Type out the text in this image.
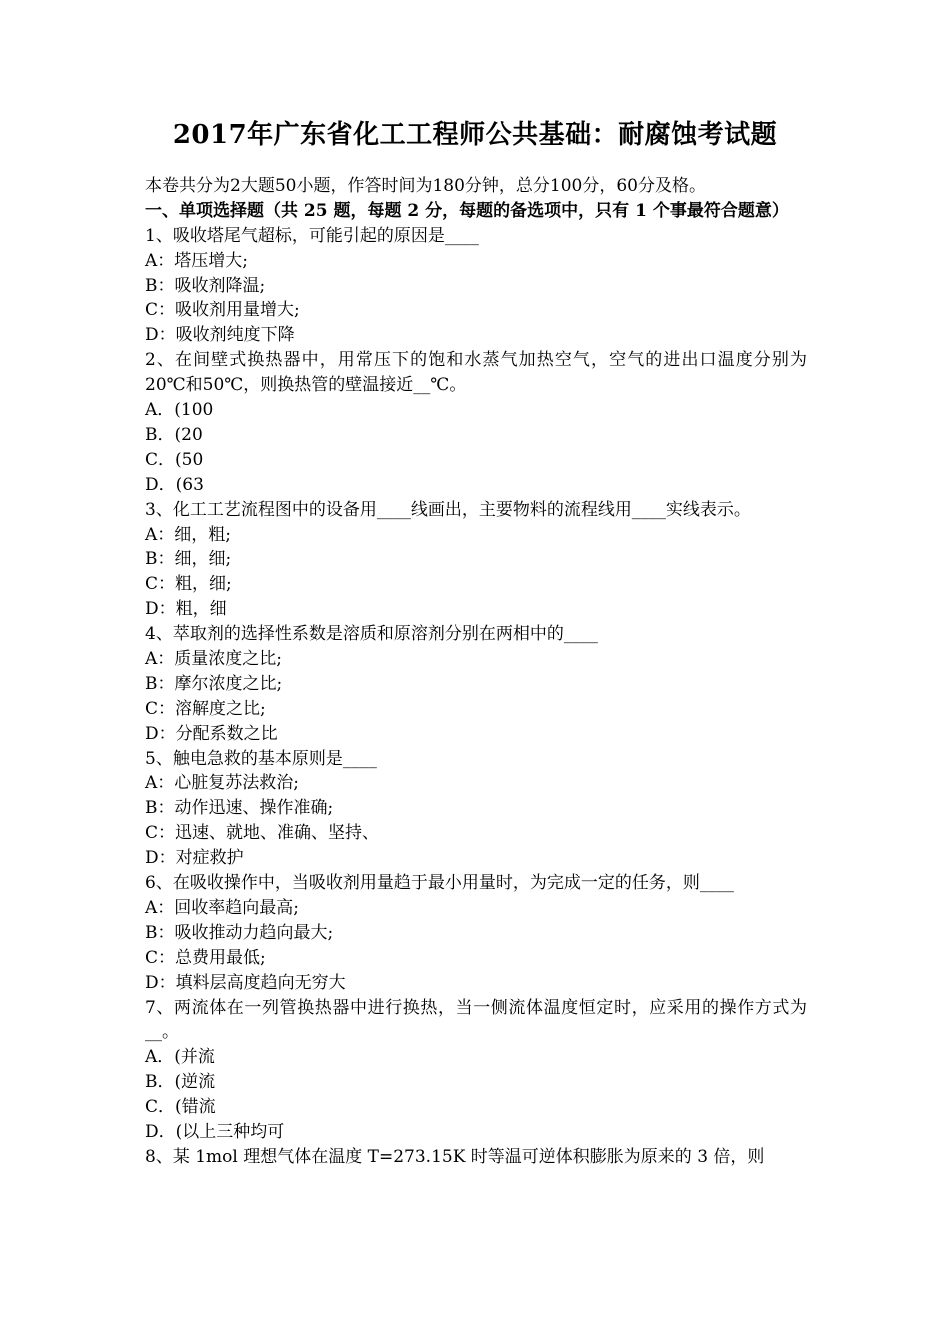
2017年广东省化工工程师公共基础：耐腐蚀考试题
本卷共分为2大题50小题，作答时间为180分钟，总分100分，60分及格。
一、单项选择题（共 25 题，每题 2 分，每题的备选项中，只有 1 个事最符合题意）
1、吸收塔尾气超标，可能引起的原因是____
A：塔压增大;
B：吸收剂降温;
C：吸收剂用量增大;
D：吸收剂纯度下降
2、在间壁式换热器中，用常压下的饱和水蒸气加热空气，空气的进出口温度分别为20℃和50℃，则换热管的壁温接近__℃。
A．(100
B．(20
C．(50
D．(63
3、化工工艺流程图中的设备用____线画出，主要物料的流程线用____实线表示。
A：细，粗;
B：细，细;
C：粗，细;
D：粗，细
4、萃取剂的选择性系数是溶质和原溶剂分别在两相中的____
A：质量浓度之比;
B：摩尔浓度之比;
C：溶解度之比;
D：分配系数之比
5、触电急救的基本原则是____
A：心脏复苏法救治;
B：动作迅速、操作准确;
C：迅速、就地、准确、坚持、
D：对症救护
6、在吸收操作中，当吸收剂用量趋于最小用量时，为完成一定的任务，则____
A：回收率趋向最高;
B：吸收推动力趋向最大;
C：总费用最低;
D：填料层高度趋向无穷大
7、两流体在一列管换热器中进行换热，当一侧流体温度恒定时，应采用的操作方式为__。
A．(并流
B．(逆流
C．(错流
D．(以上三种均可
8、某 1mol 理想气体在温度 T=273.15K 时等温可逆体积膨胀为原来的 3 倍，则
